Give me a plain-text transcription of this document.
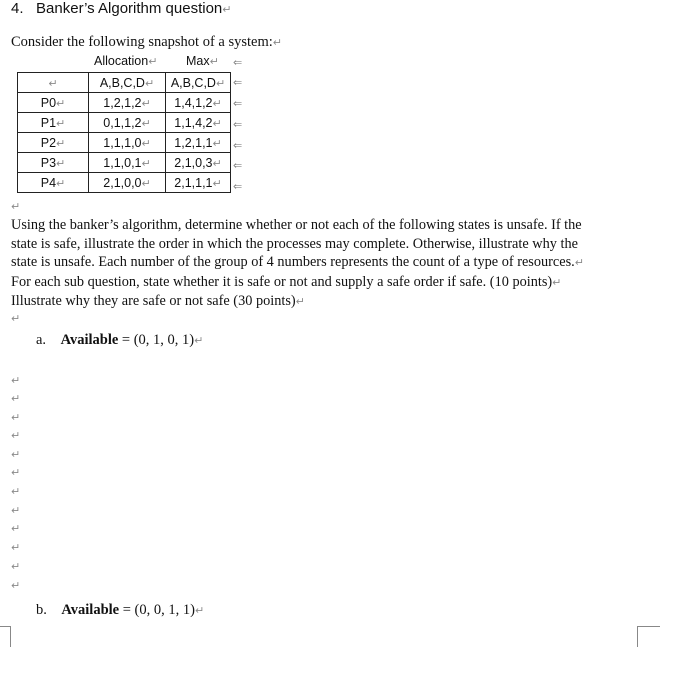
4. Banker’s Algorithm question↵
Consider the following snapshot of a system:↵
Allocation↵ Max↵ ⇐
↵	A,B,C,D↵	A,B,C,D↵
P0↵	1,2,1,2↵	1,4,1,2↵
P1↵	0,1,1,2↵	1,1,4,2↵
P2↵	1,1,1,0↵	1,2,1,1↵
P3↵	1,1,0,1↵	2,1,0,3↵
P4↵	2,1,0,0↵	2,1,1,1↵
⇐
⇐
⇐
⇐
⇐
⇐
↵
Using the banker’s algorithm, determine whether or not each of the following states is unsafe. If the
state is safe, illustrate the order in which the processes may complete. Otherwise, illustrate why the
state is unsafe. Each number of the group of 4 numbers represents the count of a type of resources.↵
For each sub question, state whether it is safe or not and supply a safe order if safe. (10 points)↵
Illustrate why they are safe or not safe (30 points)↵
↵
a. Available = (0, 1, 0, 1)↵
↵
↵
↵
↵
↵
↵
↵
↵
↵
↵
↵
↵
b. Available = (0, 0, 1, 1)↵
